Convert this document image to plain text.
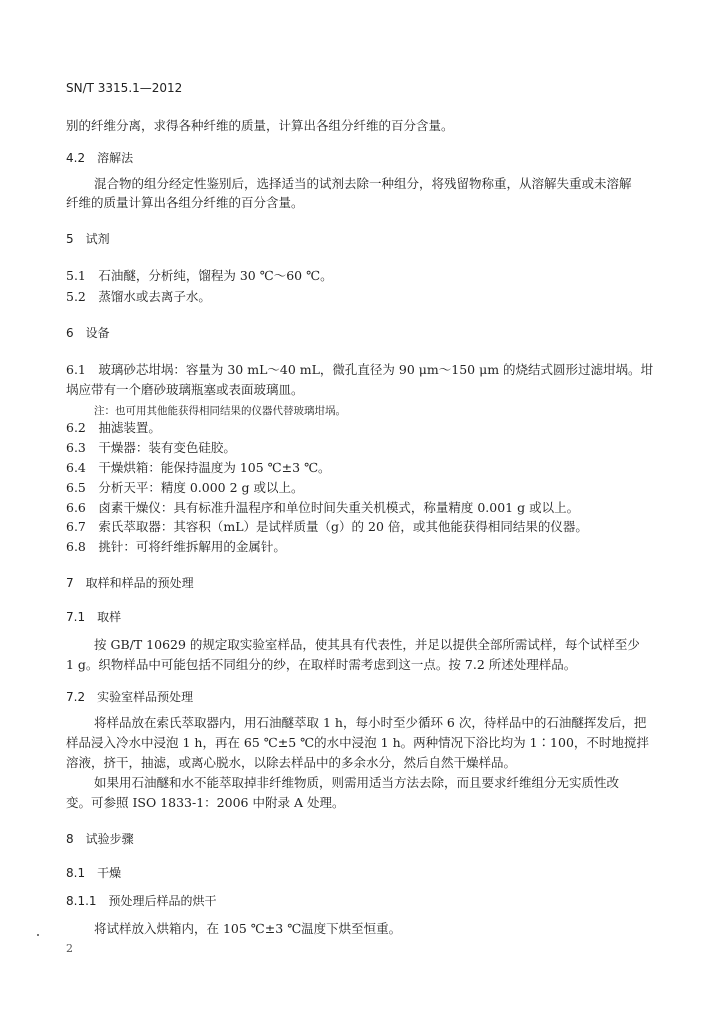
SN/T 3315.1—2012
别的纤维分离，求得各种纤维的质量，计算出各组分纤维的百分含量。
4.2　溶解法
混合物的组分经定性鉴别后，选择适当的试剂去除一种组分，将残留物称重，从溶解失重或未溶解
纤维的质量计算出各组分纤维的百分含量。
5　试剂
5.1　石油醚，分析纯，馏程为 30 ℃～60 ℃。
5.2　蒸馏水或去离子水。
6　设备
6.1　玻璃砂芯坩埚：容量为 30 mL～40 mL，微孔直径为 90 μm～150 μm 的烧结式圆形过滤坩埚。坩
埚应带有一个磨砂玻璃瓶塞或表面玻璃皿。
注：也可用其他能获得相同结果的仪器代替玻璃坩埚。
6.2　抽滤装置。
6.3　干燥器：装有变色硅胶。
6.4　干燥烘箱：能保持温度为 105 ℃±3 ℃。
6.5　分析天平：精度 0.000 2 g 或以上。
6.6　卤素干燥仪：具有标准升温程序和单位时间失重关机模式，称量精度 0.001 g 或以上。
6.7　索氏萃取器：其容积（mL）是试样质量（g）的 20 倍，或其他能获得相同结果的仪器。
6.8　挑针：可将纤维拆解用的金属针。
7　取样和样品的预处理
7.1　取样
按 GB/T 10629 的规定取实验室样品，使其具有代表性，并足以提供全部所需试样，每个试样至少
1 g。织物样品中可能包括不同组分的纱，在取样时需考虑到这一点。按 7.2 所述处理样品。
7.2　实验室样品预处理
将样品放在索氏萃取器内，用石油醚萃取 1 h，每小时至少循环 6 次，待样品中的石油醚挥发后，把
样品浸入冷水中浸泡 1 h，再在 65 ℃±5 ℃的水中浸泡 1 h。两种情况下浴比均为 1∶100，不时地搅拌
溶液，挤干，抽滤，或离心脱水，以除去样品中的多余水分，然后自然干燥样品。
如果用石油醚和水不能萃取掉非纤维物质，则需用适当方法去除，而且要求纤维组分无实质性改
变。可参照 ISO 1833-1：2006 中附录 A 处理。
8　试验步骤
8.1　干燥
8.1.1　预处理后样品的烘干
将试样放入烘箱内，在 105 ℃±3 ℃温度下烘至恒重。
2
